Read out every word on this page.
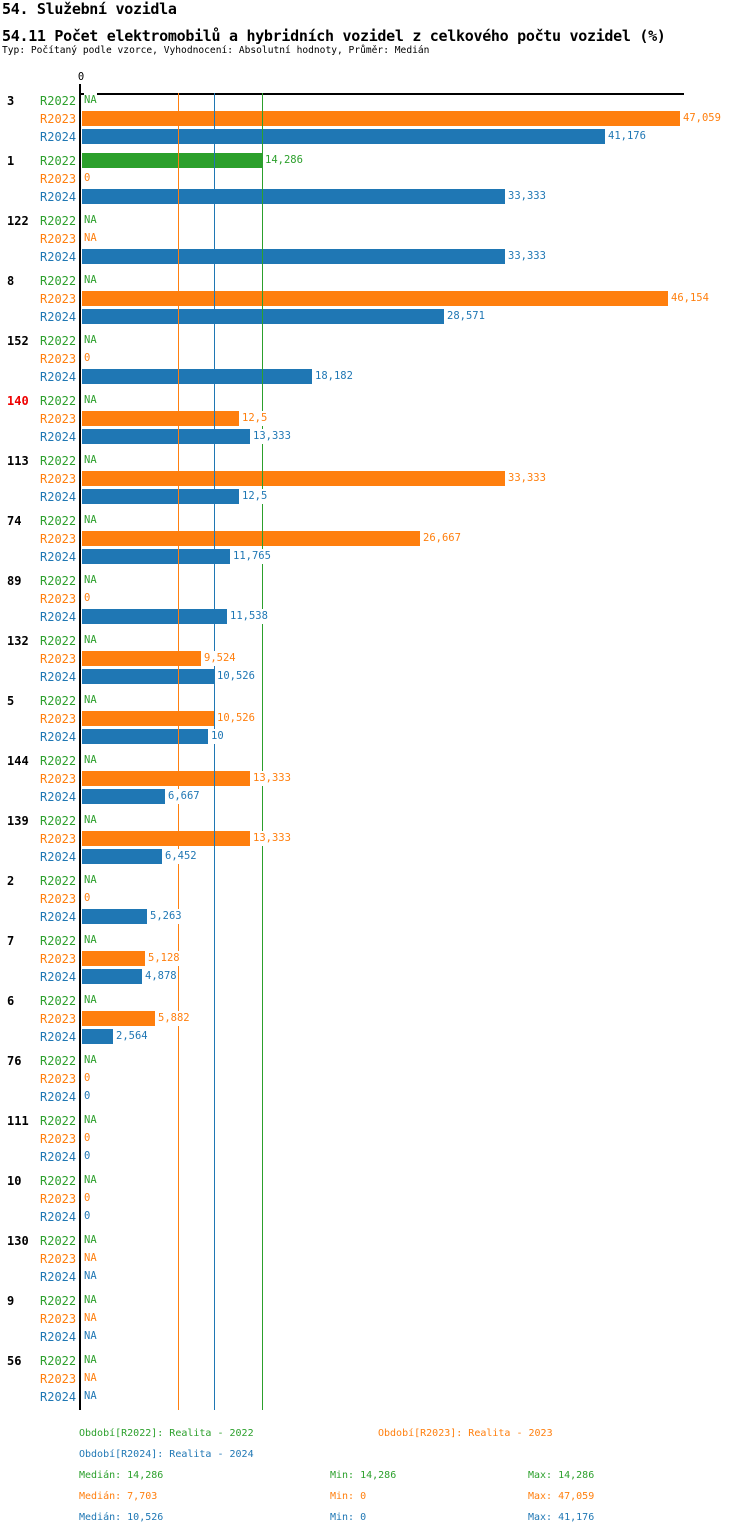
54. Služební vozidla
54.11 Počet elektromobilů a hybridních vozidel z celkového počtu vozidel (%)
Typ: Počítaný podle vzorce, Vyhodnocení: Absolutní hodnoty, Průměr: Medián
0
3 R2022 NA
R2023	47,059
R2024	41,176
1 R2022	14,286
R2023 0
R2024	33,333
122 R2022 NA
R2023 NA
R2024	33,333
8 R2022 NA
R2023	46,154
R2024	28,571
152 R2022 NA
R2023 0
R2024	18,182
140 R2022 NA
R2023	12,5
R2024	13,333
113 R2022 NA
R2023	33,333
R2024	12,5
74 R2022 NA
R2023	26,667
R2024	11,765
89 R2022 NA
R2023 0
R2024	11,538
132 R2022 NA
R2023	9,524
R2024	10,526
5 R2022 NA
R2023	10,526
R2024	10
144 R2022 NA
R2023	13,333
R2024	6,667
139 R2022 NA
R2023	13,333
R2024	6,452
2 R2022 NA
R2023 0
R2024	5,263
7 R2022 NA
R2023	5,128
R2024	4,878
6 R2022 NA
R2023	5,882
R2024	2,564
76 R2022 NA
R2023 0
R2024 0
111 R2022 NA
R2023 0
R2024 0
10 R2022 NA
R2023 0
R2024 0
130 R2022 NA
R2023 NA
R2024 NA
9 R2022 NA
R2023 NA
R2024 NA
56 R2022 NA
R2023 NA
R2024 NA
Období[R2022]: Realita - 2022	Období[R2023]: Realita - 2023
Období[R2024]: Realita - 2024
Medián: 14,286	Min: 14,286	Max: 14,286
Medián: 7,703	Min: 0	Max: 47,059
Medián: 10,526	Min: 0	Max: 41,176
